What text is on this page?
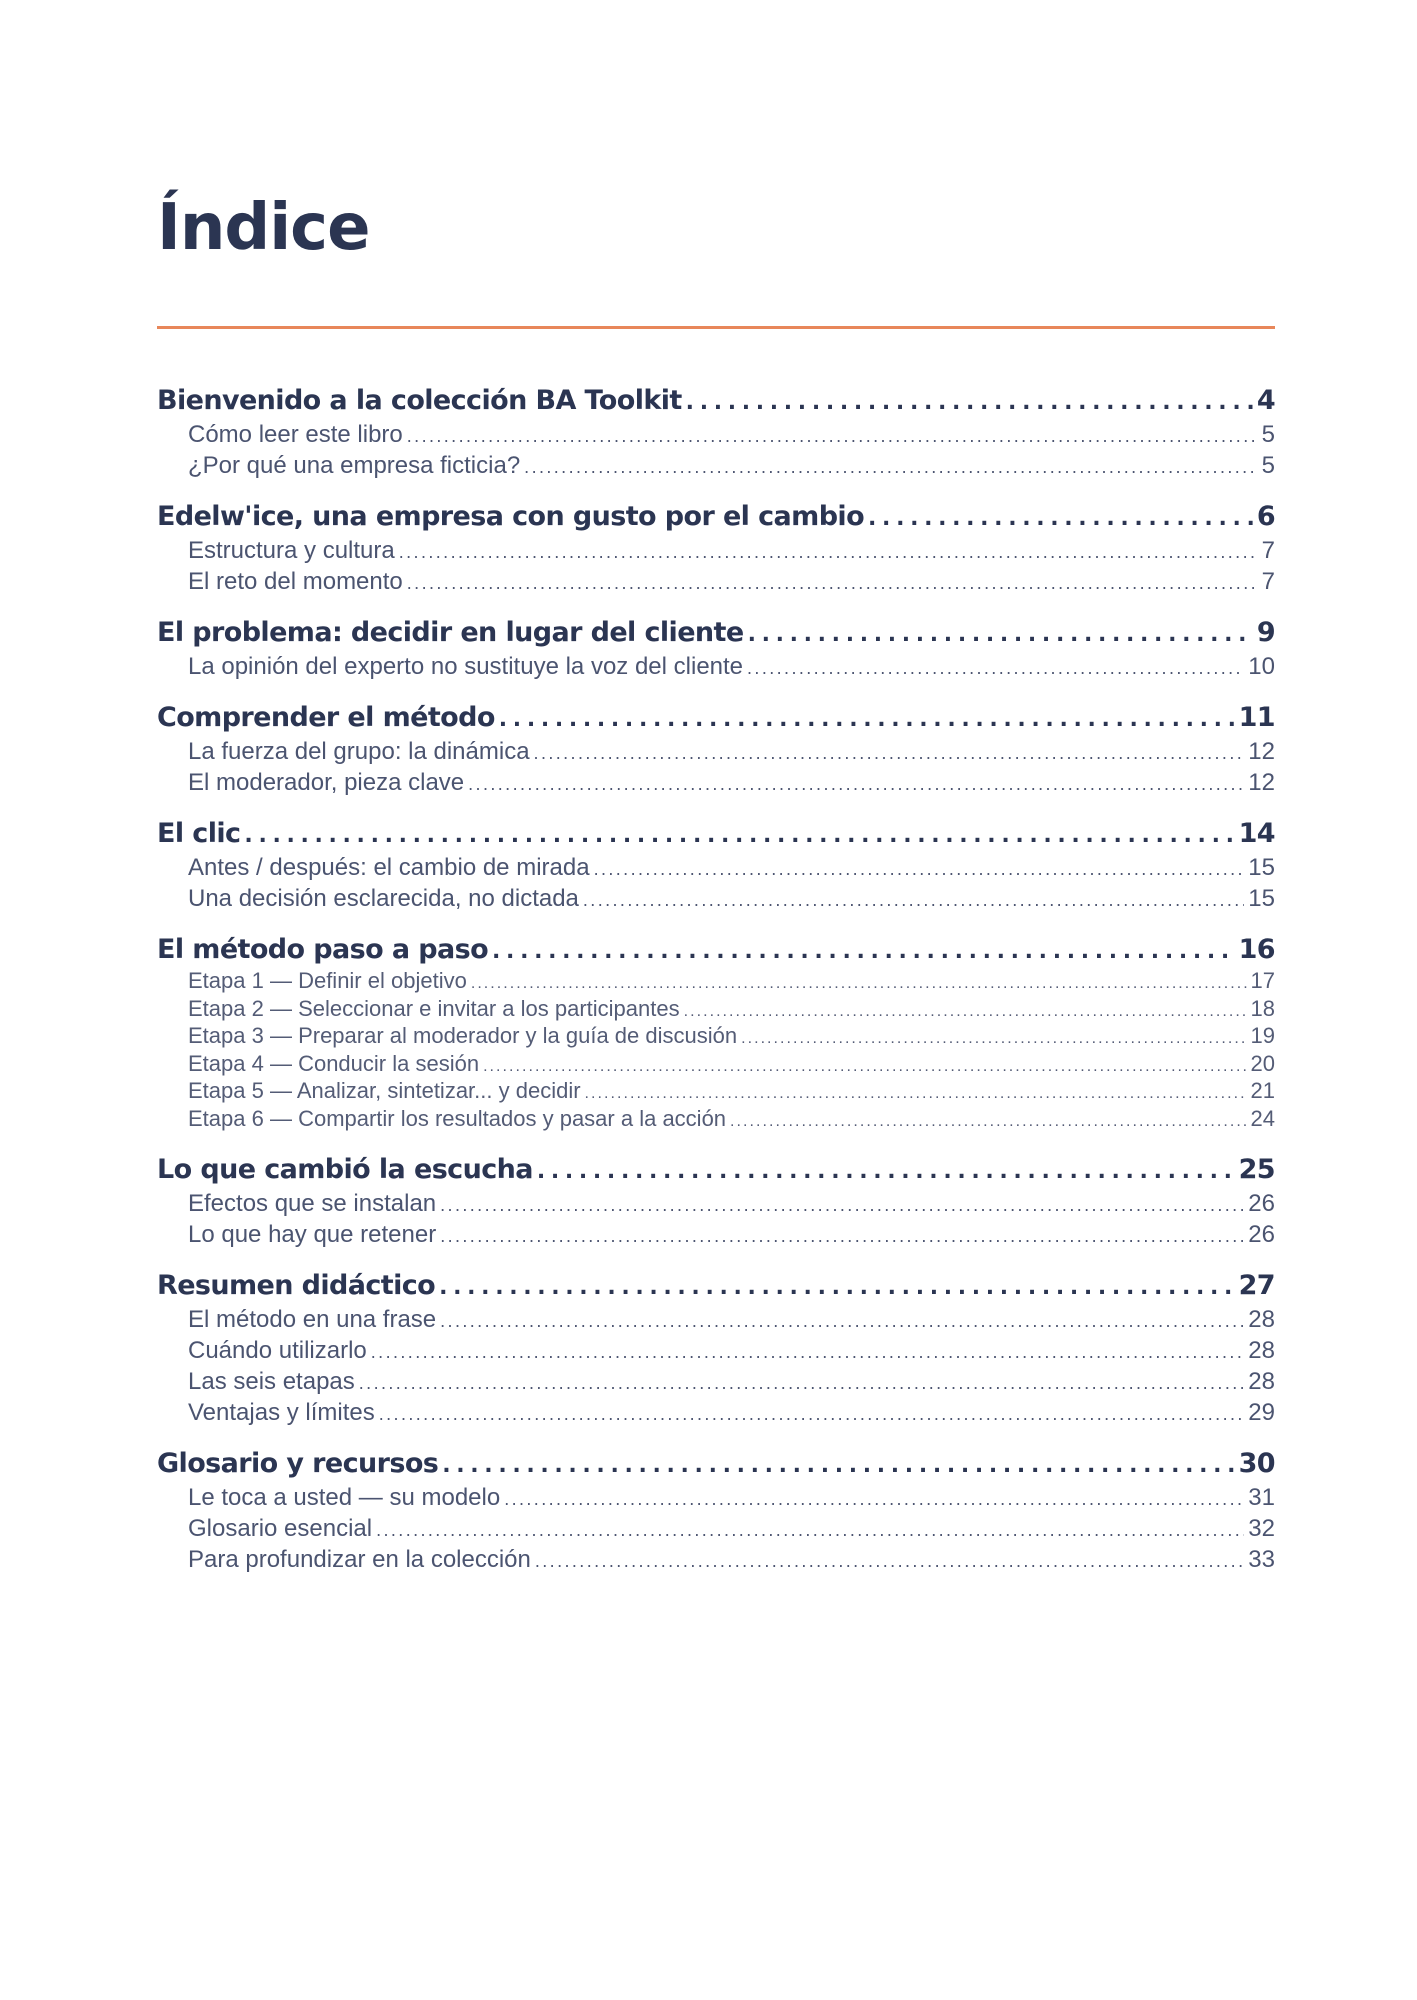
Índice
Bienvenido a la colección BA Toolkit . . .	4
Cómo leer este libro . . .	5
¿Por qué una empresa ficticia? . . .	5
Edelw'ice, una empresa con gusto por el cambio . . .	6
Estructura y cultura . . .	7
El reto del momento . . .	7
El problema: decidir en lugar del cliente . . .	9
La opinión del experto no sustituye la voz del cliente . . .	10
Comprender el método . . .	11
La fuerza del grupo: la dinámica . . .	12
El moderador, pieza clave . . .	12
El clic . . .	14
Antes / después: el cambio de mirada . . .	15
Una decisión esclarecida, no dictada . . .	15
El método paso a paso . . .	16
Etapa 1 — Definir el objetivo . . .	17
Etapa 2 — Seleccionar e invitar a los participantes . . .	18
Etapa 3 — Preparar al moderador y la guía de discusión . . .	19
Etapa 4 — Conducir la sesión . . .	20
Etapa 5 — Analizar, sintetizar... y decidir . . .	21
Etapa 6 — Compartir los resultados y pasar a la acción . . .	24
Lo que cambió la escucha . . .	25
Efectos que se instalan . . .	26
Lo que hay que retener . . .	26
Resumen didáctico . . .	27
El método en una frase . . .	28
Cuándo utilizarlo . . .	28
Las seis etapas . . .	28
Ventajas y límites . . .	29
Glosario y recursos . . .	30
Le toca a usted — su modelo . . .	31
Glosario esencial . . .	32
Para profundizar en la colección . . .	33
